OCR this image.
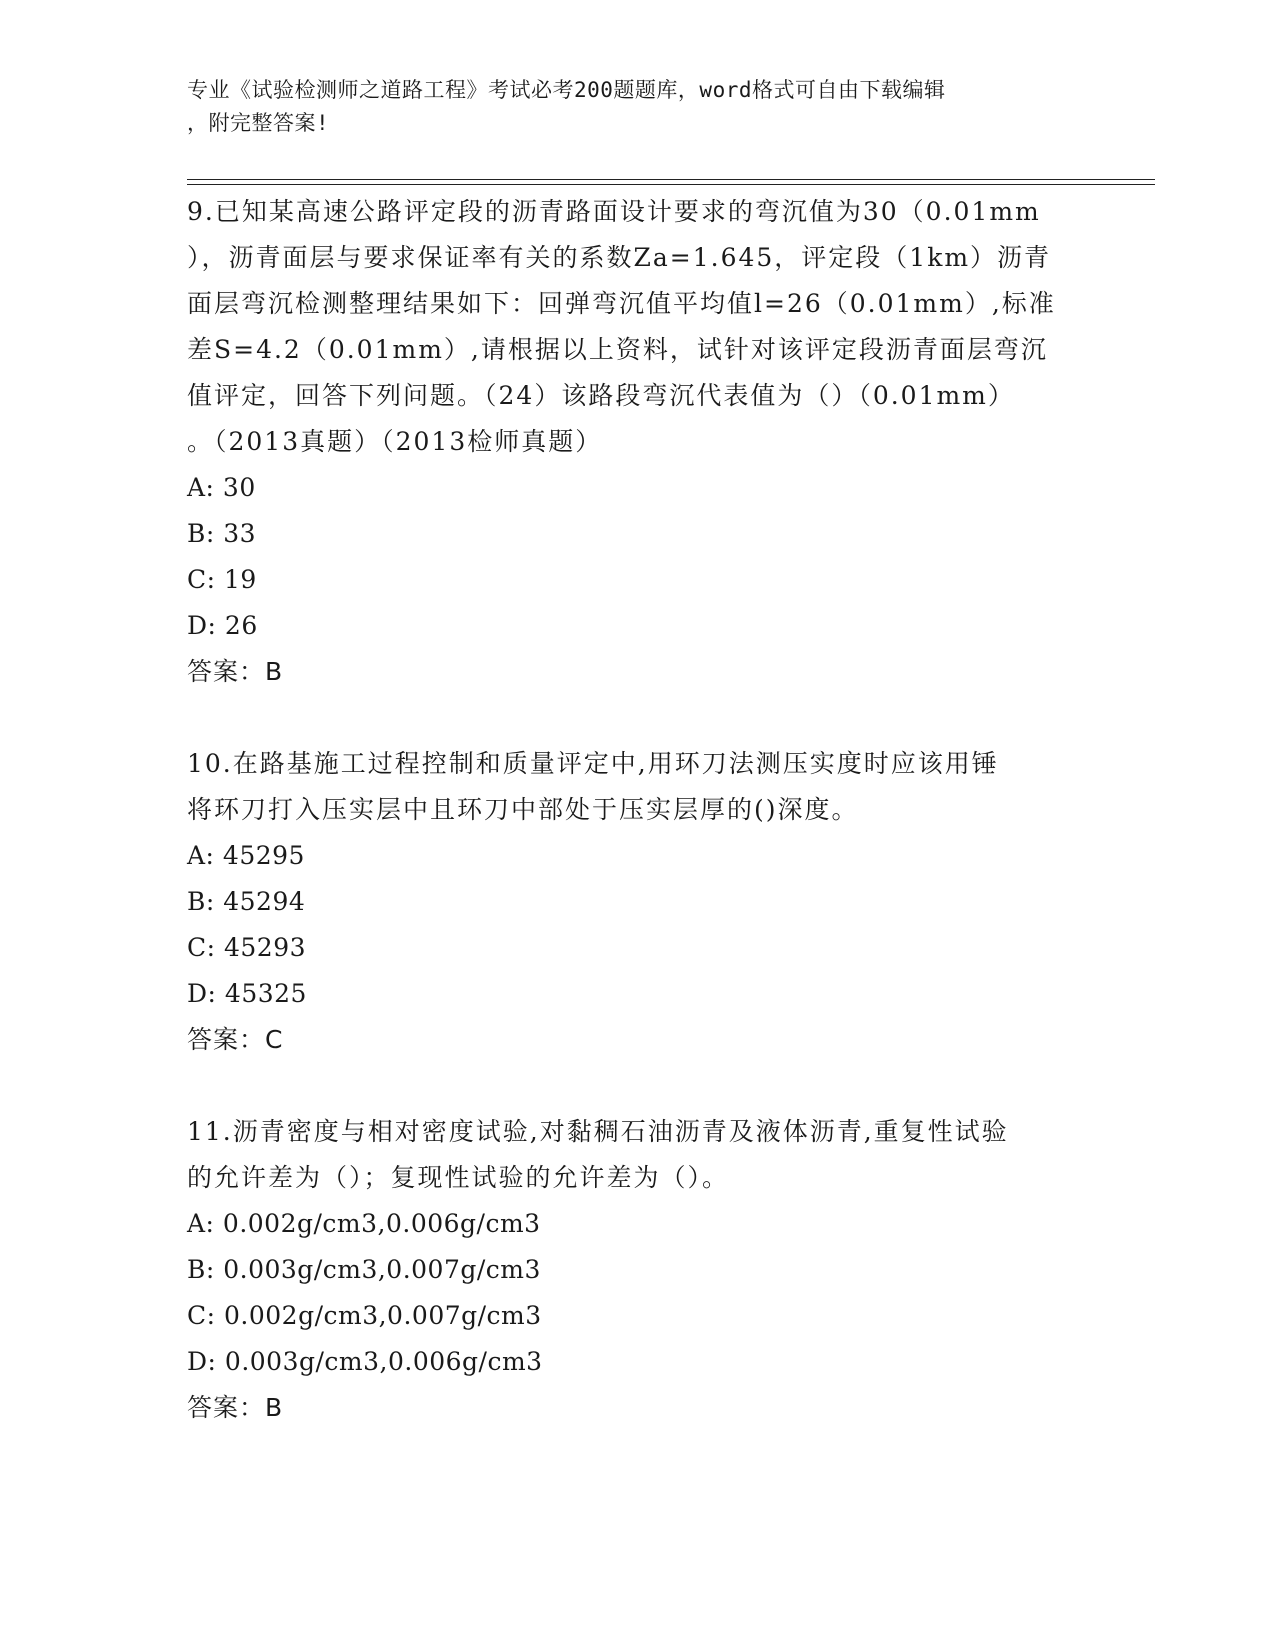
专业《试验检测师之道路工程》考试必考200题题库，word格式可自由下载编辑
，附完整答案!
9.已知某高速公路评定段的沥青路面设计要求的弯沉值为30（0.01mm
），沥青面层与要求保证率有关的系数Za=1.645，评定段（1km）沥青
面层弯沉检测整理结果如下：回弹弯沉值平均值l=26（0.01mm）,标准
差S=4.2（0.01mm）,请根据以上资料，试针对该评定段沥青面层弯沉
值评定，回答下列问题。（24）该路段弯沉代表值为（）（0.01mm）
。（2013真题）（2013检师真题）
A: 30
B: 33
C: 19
D: 26
答案：B
10.在路基施工过程控制和质量评定中,用环刀法测压实度时应该用锤
将环刀打入压实层中且环刀中部处于压实层厚的()深度。
A: 45295
B: 45294
C: 45293
D: 45325
答案：C
11.沥青密度与相对密度试验,对黏稠石油沥青及液体沥青,重复性试验
的允许差为（）；复现性试验的允许差为（）。
A: 0.002g/cm3,0.006g/cm3
B: 0.003g/cm3,0.007g/cm3
C: 0.002g/cm3,0.007g/cm3
D: 0.003g/cm3,0.006g/cm3
答案：B
